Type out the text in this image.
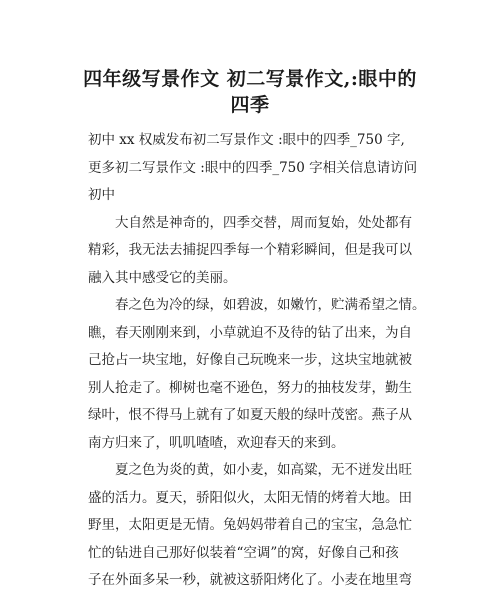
四年级写景作文 初二写景作文,:眼中的
四季
初中 xx 权威发布初二写景作文 :眼中的四季_750 字,
更多初二写景作文 :眼中的四季_750 字相关信息请访问
初中
大自然是神奇的，四季交替，周而复始，处处都有
精彩，我无法去捕捉四季每一个精彩瞬间，但是我可以
融入其中感受它的美丽。
春之色为冷的绿，如碧波，如嫩竹，贮满希望之情。
瞧，春天刚刚来到，小草就迫不及待的钻了出来，为自
己抢占一块宝地，好像自己玩晚来一步，这块宝地就被
别人抢走了。柳树也毫不逊色，努力的抽枝发芽，勤生
绿叶，恨不得马上就有了如夏天般的绿叶茂密。燕子从
南方归来了，叽叽喳喳，欢迎春天的来到。
夏之色为炎的黄，如小麦，如高粱，无不迸发出旺
盛的活力。夏天，骄阳似火，太阳无情的烤着大地。田
野里，太阳更是无情。兔妈妈带着自己的宝宝，急急忙
忙的钻进自己那好似装着“空调”的窝，好像自己和孩
子在外面多呆一秒，就被这骄阳烤化了。小麦在地里弯
